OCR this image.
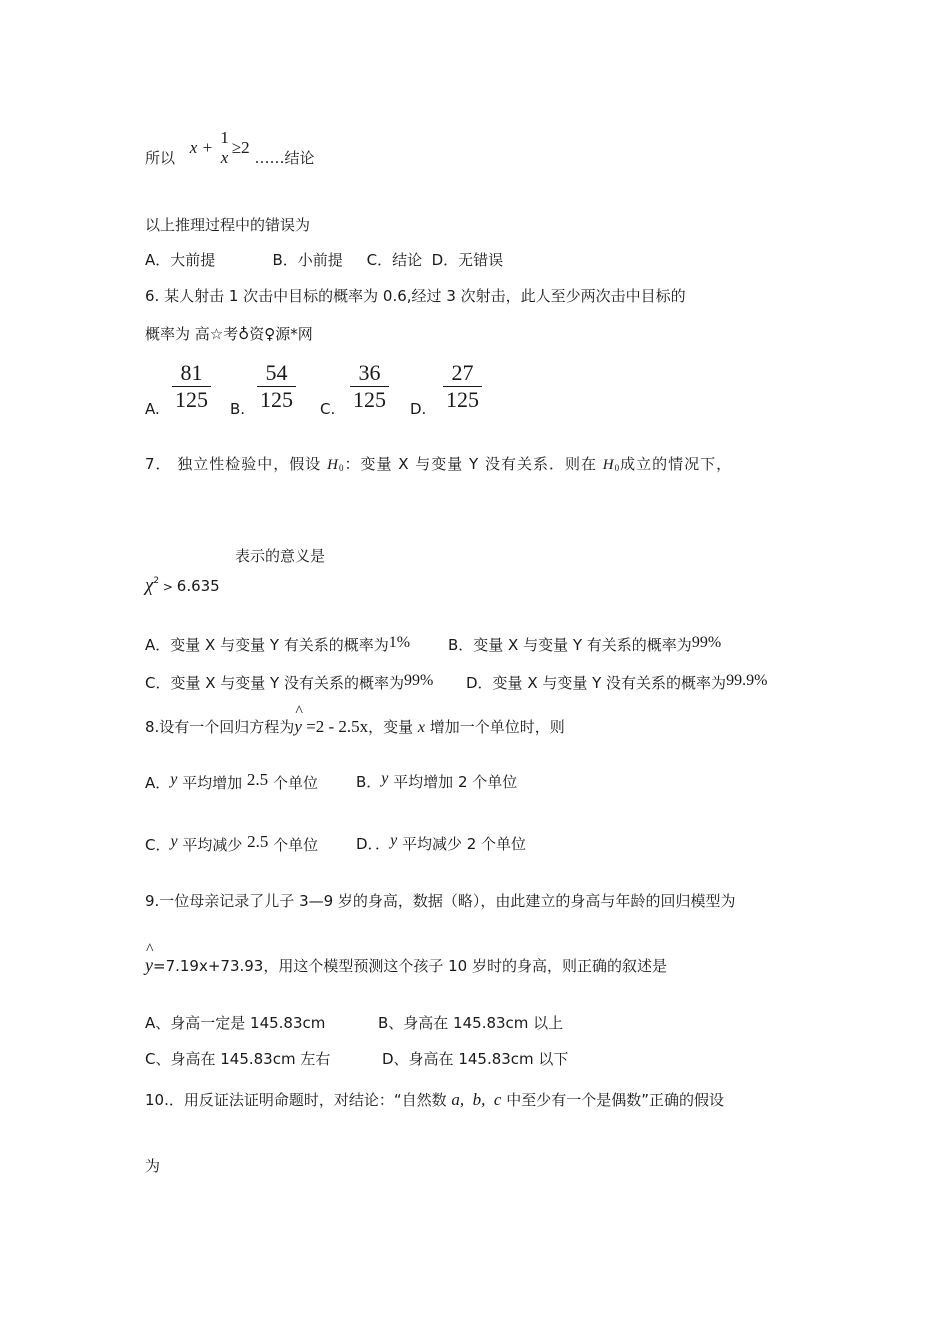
所以 x +
1
x
≥2 ……结论
以上推理过程中的错误为
A．大前提            B．小前提     C．结论  D．无错误
6. 某人射击 1 次击中目标的概率为 0.6,经过 3 次射击，此人至少两次击中目标的
概率为 高☆考♁资♀源*网
A. $\frac{81}{125} B$. $\frac{54}{125} C$. $\frac{36}{125} D$. $\frac{27}{125}$
7． 独立性检验中，假设 $H_0$：变量 X 与变量 Y 没有关系．则在 $H_0$成立的情况下，
表示的意义是
$\chi^2 > 6.635$
A．变量 X 与变量 Y 有关系的概率为1%	B．变量 X 与变量 Y 有关系的概率为99%
C．变量 X 与变量 Y 没有关系的概率为99% D．变量 X 与变量 Y 没有关系的概率为99.9%
8.设有一个回归方程为^ y =2 - 2.5x，变量 x 增加一个单位时，则
A．y 平均增加 2.5 个单位	B．y 平均增加 2 个单位
C．y 平均减少 2.5 个单位	D．．y 平均减少 2 个单位
9.一位母亲记录了儿子 3—9 岁的身高，数据（略），由此建立的身高与年龄的回归模型为
^ y=7.19x+73.93，用这个模型预测这个孩子 10 岁时的身高，则正确的叙述是
A、身高一定是 145.83cm	B、身高在 145.83cm 以上
C、身高在 145.83cm 左右	D、身高在 145.83cm 以下
10.．用反证法证明命题时，对结论：“自然数 a,  b,  c 中至少有一个是偶数”正确的假设
为
